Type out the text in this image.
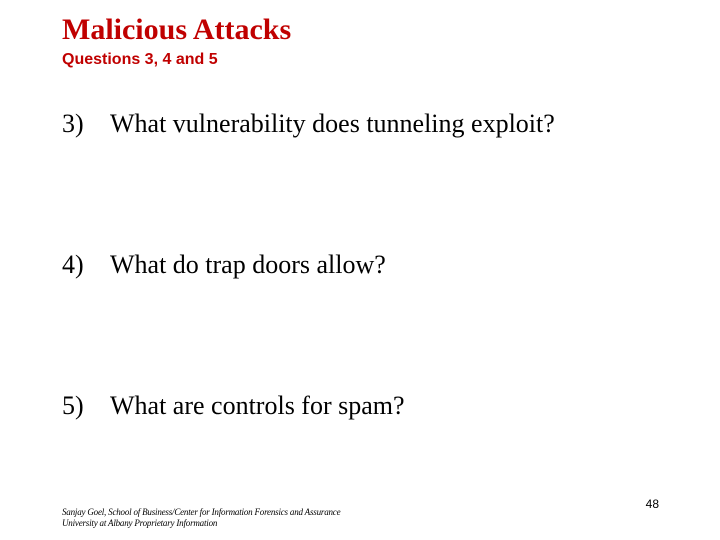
Malicious Attacks
Questions 3, 4 and 5
3) What vulnerability does tunneling exploit?
4) What do trap doors allow?
5) What are controls for spam?
Sanjay Goel, School of Business/Center for Information Forensics and Assurance
University at Albany Proprietary Information
48
